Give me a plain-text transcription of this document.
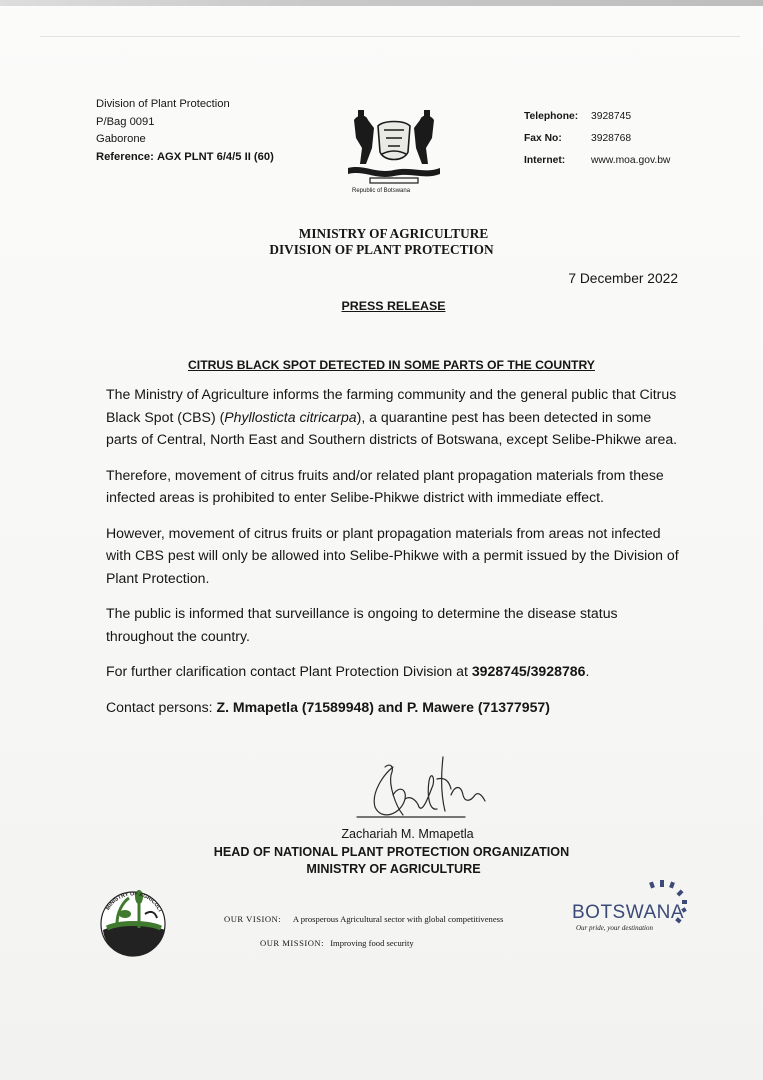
Division of Plant Protection
P/Bag 0091
Gaborone
Reference: AGX PLNT 6/4/5 II (60)
Republic of Botswana
Telephone:	3928745
Fax No:	3928768
Internet:	www.moa.gov.bw
MINISTRY OF AGRICULTURE
DIVISION OF PLANT PROTECTION
7 December 2022
PRESS RELEASE
CITRUS BLACK SPOT DETECTED IN SOME PARTS OF THE COUNTRY

The Ministry of Agriculture informs the farming community and the general public that Citrus Black Spot (CBS) (Phyllosticta citricarpa), a quarantine pest has been detected in some parts of Central, North East and Southern districts of Botswana, except Selibe-Phikwe area.

Therefore, movement of citrus fruits and/or related plant propagation materials from these infected areas is prohibited to enter Selibe-Phikwe district with immediate effect.

However, movement of citrus fruits or plant propagation materials from areas not infected with CBS pest will only be allowed into Selibe-Phikwe with a permit issued by the Division of Plant Protection.

The public is informed that surveillance is ongoing to determine the disease status throughout the country.

For further clarification contact Plant Protection Division at 3928745/3928786.

Contact persons: Z. Mmapetla (71589948) and P. Mawere (71377957)

Zachariah M. Mmapetla
HEAD OF NATIONAL PLANT PROTECTION ORGANIZATION
MINISTRY OF AGRICULTURE
MINISTRY OF AGRICULT
OUR VISION: A prosperous Agricultural sector with global competitiveness
OUR MISSION: Improving food security
BOTSWANA
Our pride, your destination
